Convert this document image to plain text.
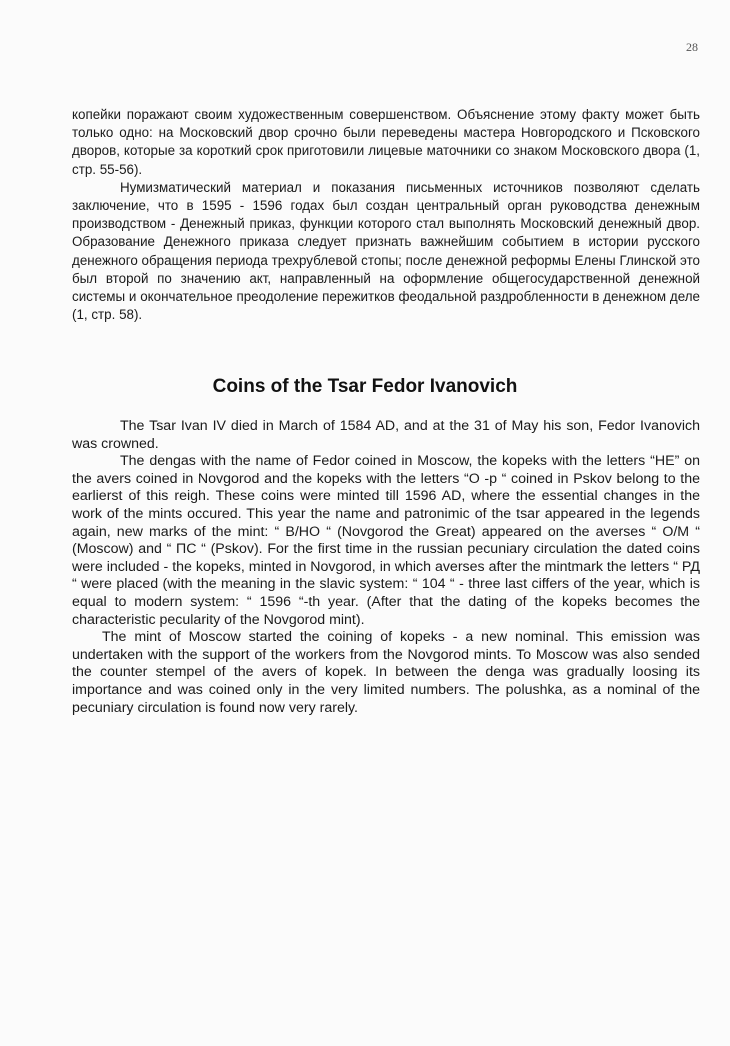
28

копейки поражают своим художественным совершенством. Объяснение этому факту может быть только одно: на Московский двор срочно были переведены мастера Новгородского и Псковского дворов, которые за короткий срок приготовили лицевые маточники со знаком Московского двора (1, стр. 55-56).

Нумизматический материал и показания письменных источников позволяют сделать заключение, что в 1595 - 1596 годах был создан центральный орган руководства денежным производством - Денежный приказ, функции которого стал выполнять Московский денежный двор. Образование Денежного приказа следует признать важнейшим событием в истории русского денежного обращения периода трехрублевой стопы; после денежной реформы Елены Глинской это был второй по значению акт, направленный на оформление общегосударственной денежной системы и окончательное преодоление пережитков феодальной раздробленности в денежном деле (1, стр. 58).

Coins of the Tsar Fedor Ivanovich

The Tsar Ivan IV died in March of 1584 AD, and at the 31 of May his son, Fedor Ivanovich was crowned.

The dengas with the name of Fedor coined in Moscow, the kopeks with the letters “НЕ” on the avers coined in Novgorod and the kopeks with the letters “О -р “ coined in Pskov belong to the earlierst of this reigh. These coins were minted till 1596 AD, where the essential changes in the work of the mints occured. This year the name and patronimic of the tsar appeared in the legends again, new marks of the mint: “ В/НО “ (Novgorod the Great) appeared on the averses “ О/М “ (Moscow) and “ ПС “ (Pskov). For the first time in the russian pecuniary circulation the dated coins were included - the kopeks, minted in Novgorod, in which averses after the mintmark the letters “ РД “ were placed (with the meaning in the slavic system: “ 104 “ - three last ciffers of the year, which is equal to modern system: “ 1596 “-th year. (After that the dating of the kopeks becomes the characteristic pecularity of the Novgorod mint).

The mint of Moscow started the coining of kopeks - a new nominal. This emission was undertaken with the support of the workers from the Novgorod mints. To Moscow was also sended the counter stempel of the avers of kopek. In between the denga was gradually loosing its importance and was coined only in the very limited numbers. The polushka, as a nominal of the pecuniary circulation is found now very rarely.
